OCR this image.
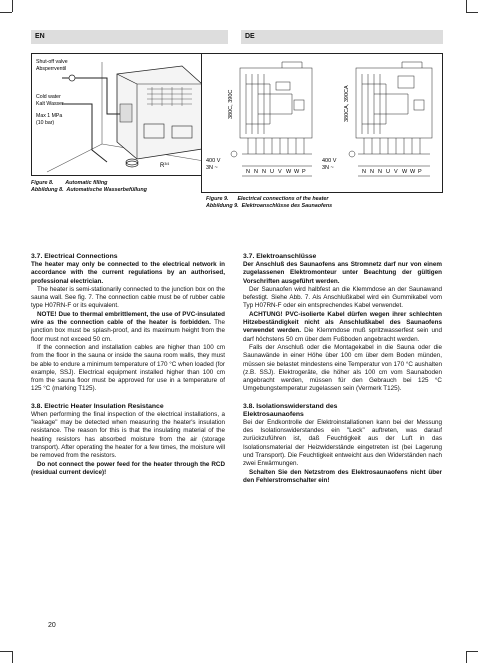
EN	DE
$R^{3/4}$
Shut-off valve
Absperrventil
Cold water
Kalt Wasser
Max 1 MPa
(10 bar)
Figure 8.        Automatic filling
Abbildung 8.  Automatische Wasserbefüllung
380C, 390C	380CA, 390CA
400 V
3N ~
400 V
3N ~
N N N U V W W P	N N N U V W W P
Figure 9.      Electrical connections of the heater
Abbildung 9.  Elektroanschlüsse des Saunaofens
3.7. Electrical Connections

The heater may only be connected to the electrical network in accordance with the current regulations by an authorised, professional electrician.

The heater is semi-stationarily connected to the junction box on the sauna wall. See fig. 7. The connection cable must be of rubber cable type H07RN-F or its equivalent.

NOTE! Due to thermal embrittlement, the use of PVC-insulated wire as the connection cable of the heater is forbidden. The junction box must be splash-proof, and its maximum height from the floor must not exceed 50 cm.

If the connection and installation cables are higher than 100 cm from the floor in the sauna or inside the sauna room walls, they must be able to endure a minimum temperature of 170 °C when loaded (for example, SSJ). Electrical equipment installed higher than 100 cm from the sauna floor must be approved for use in a temperature of 125 °C (marking T125).

3.8. Electric Heater Insulation Resistance

When performing the final inspection of the electrical installations, a "leakage" may be detected when measuring the heater's insulation resistance. The reason for this is that the insulating material of the heating resistors has absorbed moisture from the air (storage transport). After operating the heater for a few times, the moisture will be removed from the resistors.

Do not connect the power feed for the heater through the RCD (residual current device)!

3.7. Elektroanschlüsse

Der Anschluß des Saunaofens ans Stromnetz darf nur von einem zugelassenen Elektromonteur unter Beachtung der gültigen Vorschriften ausgeführt werden.

Der Saunaofen wird halbfest an die Klemmdose an der Saunawand befestigt. Siehe Abb. 7. Als Anschlußkabel wird ein Gummikabel vom Typ H07RN-F oder ein entsprechendes Kabel verwendet.

ACHTUNG! PVC-isolierte Kabel dürfen wegen ihrer schlechten Hitzebeständigkeit nicht als Anschlußkabel des Saunaofens verwendet werden. Die Klemmdose muß spritzwasserfest sein und darf höchstens 50 cm über dem Fußboden angebracht werden.

Falls der Anschluß oder die Montagekabel in die Sauna oder die Saunawände in einer Höhe über 100 cm über dem Boden münden, müssen sie belastet mindestens eine Temperatur von 170 °C aushalten (z.B. SSJ). Elektrogeräte, die höher als 100 cm vom Saunaboden angebracht werden, müssen für den Gebrauch bei 125 °C Umgebungstemperatur zugelassen sein (Vermerk T125).

3.8. Isolationswiderstand des
Elektrosaunaofens

Bei der Endkontrolle der Elektroinstallationen kann bei der Messung des Isolationswiderstandes ein "Leck" auftreten, was darauf zurückzuführen ist, daß Feuchtigkeit aus der Luft in das Isolationsmaterial der Heizwiderstände eingetreten ist (bei Lagerung und Transport). Die Feuchtigkeit entweicht aus den Widerständen nach zwei Erwärmungen.

Schalten Sie den Netzstrom des Elektrosaunaofens nicht über den Fehlerstromschalter ein!

20
